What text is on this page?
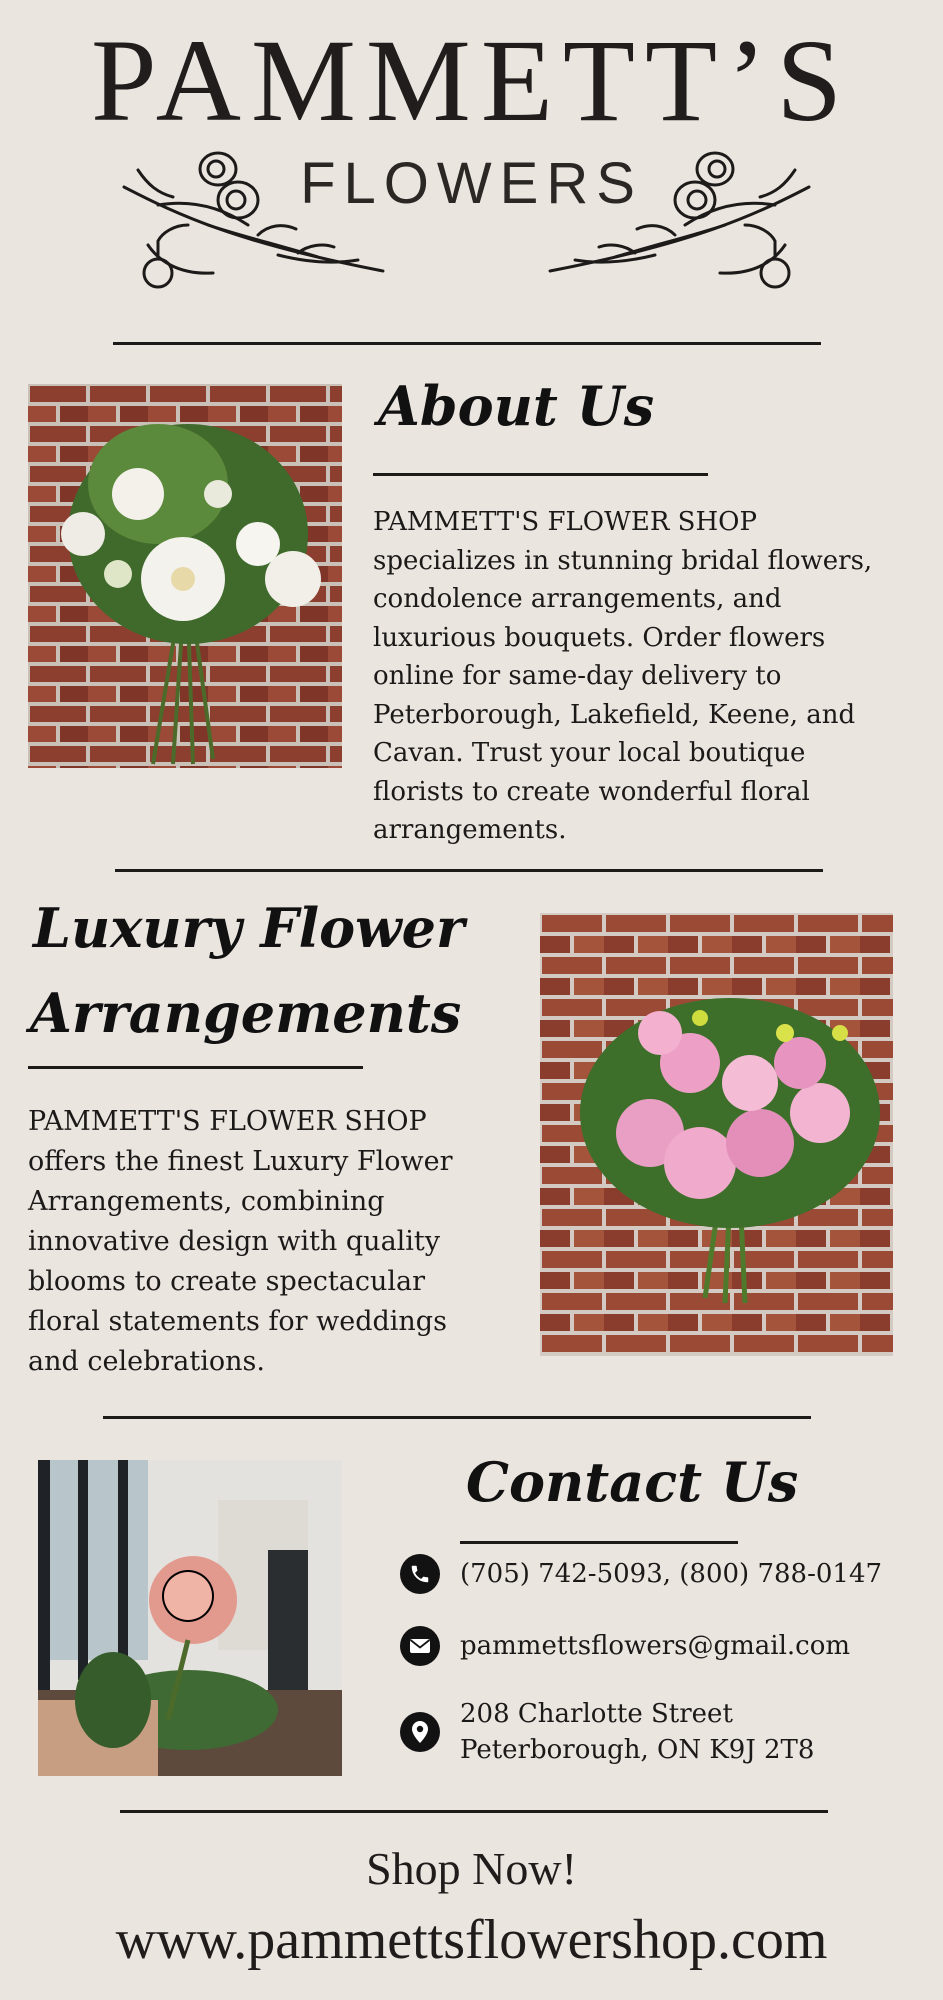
PAMMETT’S
FLOWERS
About Us
PAMMETT'S FLOWER SHOP specializes in stunning bridal flowers, condolence arrangements, and luxurious bouquets. Order flowers online for same-day delivery to Peterborough, Lakefield, Keene, and Cavan. Trust your local boutique florists to create wonderful floral arrangements.
Luxury Flower
Arrangements
PAMMETT'S FLOWER SHOP offers the finest Luxury Flower Arrangements, combining innovative design with quality blooms to create spectacular floral statements for weddings and celebrations.
Contact Us
(705) 742-5093, (800) 788-0147
pammettsflowers@gmail.com
208 Charlotte Street
Peterborough, ON K9J 2T8
Shop Now!
www.pammettsflowershop.com
